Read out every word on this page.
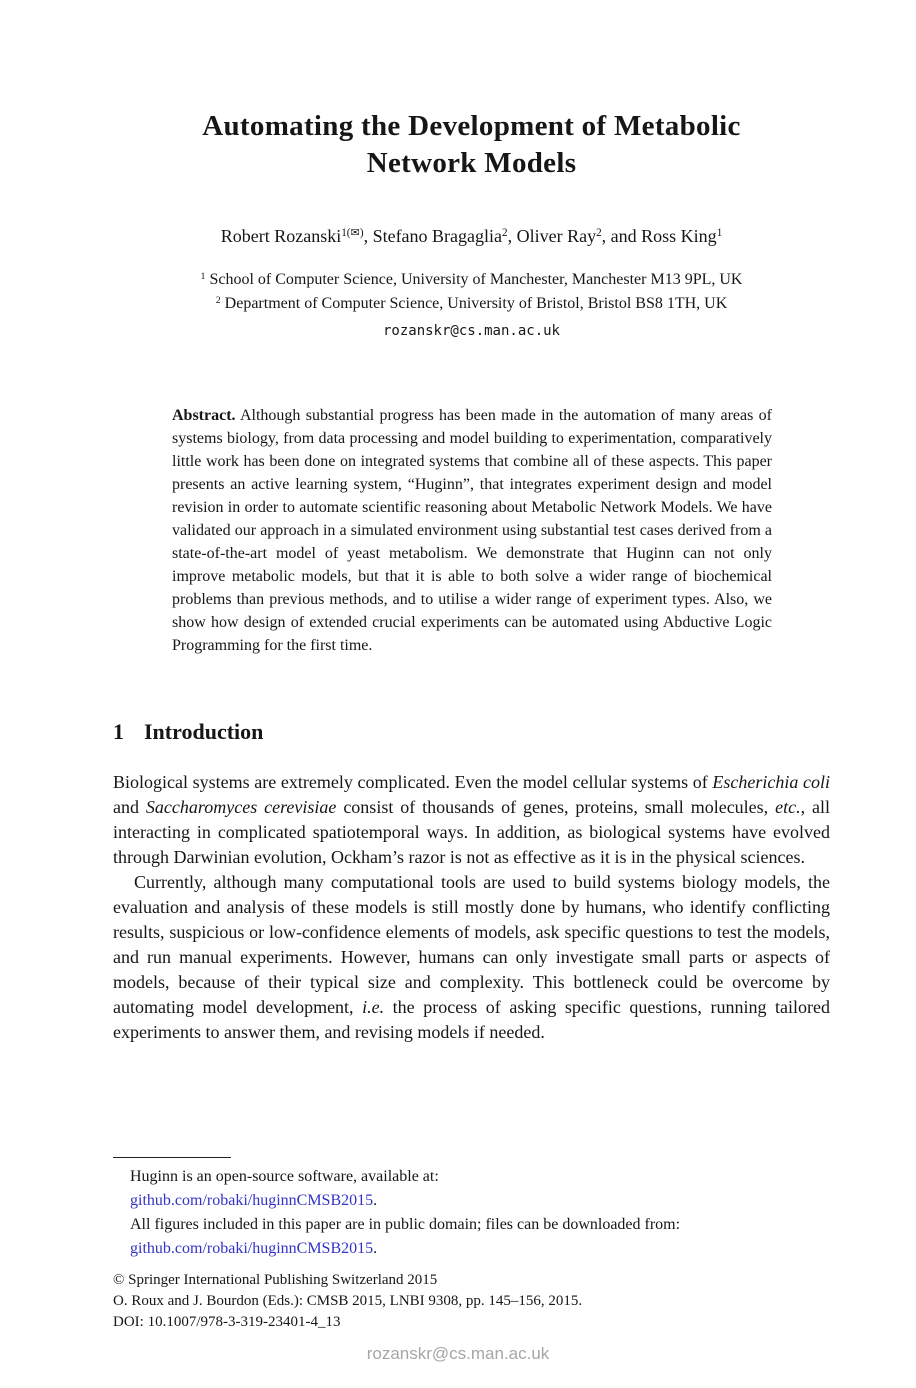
Automating the Development of Metabolic
Network Models
Robert Rozanski$^{1(✉)}$, Stefano Bragaglia$^2$, Oliver Ray$^2$, and Ross King$^1$
$^1$ School of Computer Science, University of Manchester, Manchester M13 9PL, UK
$^2$ Department of Computer Science, University of Bristol, Bristol BS8 1TH, UK
rozanskr@cs.man.ac.uk
Abstract. Although substantial progress has been made in the automation of many areas of systems biology, from data processing and model building to experimentation, comparatively little work has been done on integrated systems that combine all of these aspects. This paper presents an active learning system, “Huginn”, that integrates experiment design and model revision in order to automate scientific reasoning about Metabolic Network Models. We have validated our approach in a simulated environment using substantial test cases derived from a state-of-the-art model of yeast metabolism. We demonstrate that Huginn can not only improve metabolic models, but that it is able to both solve a wider range of biochemical problems than previous methods, and to utilise a wider range of experiment types. Also, we show how design of extended crucial experiments can be automated using Abductive Logic Programming for the first time.
1 Introduction

Biological systems are extremely complicated. Even the model cellular systems of Escherichia coli and Saccharomyces cerevisiae consist of thousands of genes, proteins, small molecules, etc., all interacting in complicated spatiotemporal ways. In addition, as biological systems have evolved through Darwinian evolution, Ockham’s razor is not as effective as it is in the physical sciences.

Currently, although many computational tools are used to build systems biology models, the evaluation and analysis of these models is still mostly done by humans, who identify conflicting results, suspicious or low-confidence elements of models, ask specific questions to test the models, and run manual experiments. However, humans can only investigate small parts or aspects of models, because of their typical size and complexity. This bottleneck could be overcome by automating model development, i.e. the process of asking specific questions, running tailored experiments to answer them, and revising models if needed.

Huginn is an open-source software, available at:
github.com/robaki/huginnCMSB2015.
All figures included in this paper are in public domain; files can be downloaded from:
github.com/robaki/huginnCMSB2015.
© Springer International Publishing Switzerland 2015
O. Roux and J. Bourdon (Eds.): CMSB 2015, LNBI 9308, pp. 145–156, 2015.
DOI: 10.1007/978-3-319-23401-4_13
rozanskr@cs.man.ac.uk
